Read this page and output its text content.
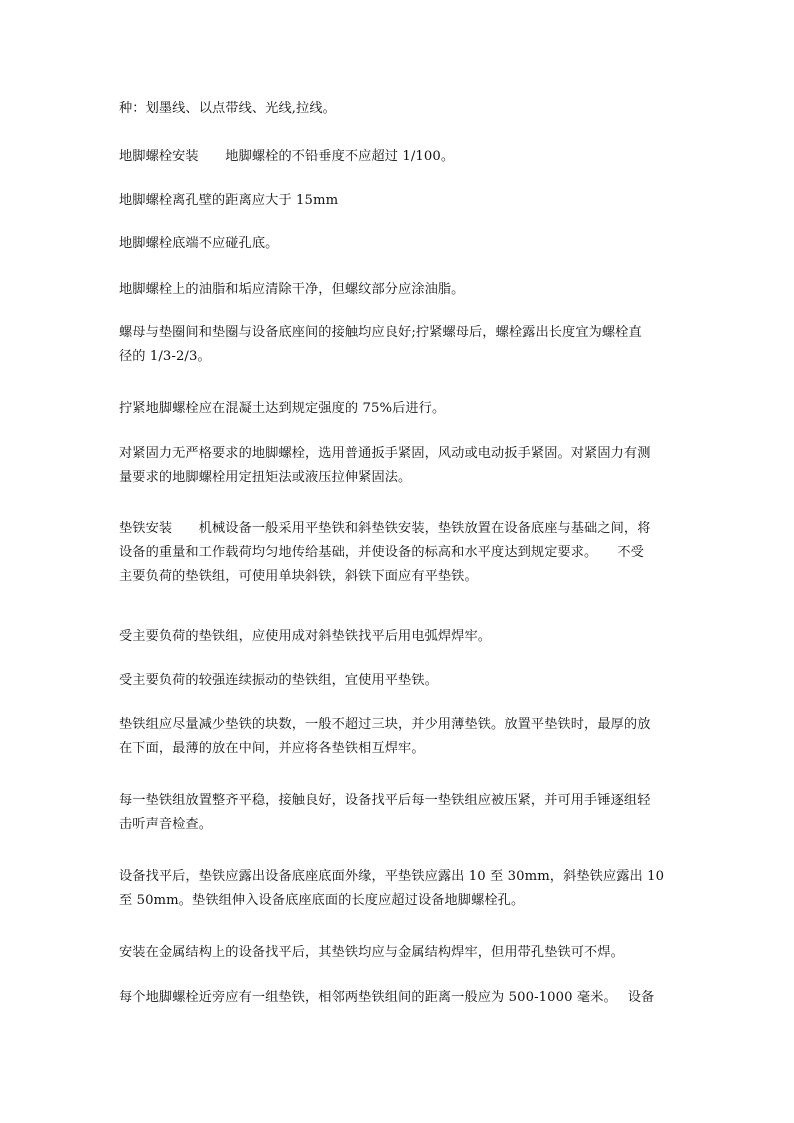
种：划墨线、以点带线、光线,拉线。

地脚螺栓安装　　地脚螺栓的不铅垂度不应超过 1/100。

地脚螺栓离孔壁的距离应大于 15mm

地脚螺栓底端不应碰孔底。

地脚螺栓上的油脂和垢应清除干净，但螺纹部分应涂油脂。

螺母与垫圈间和垫圈与设备底座间的接触均应良好;拧紧螺母后，螺栓露出长度宜为螺栓直
径的 1/3-2/3。

拧紧地脚螺栓应在混凝土达到规定强度的 75%后进行。

对紧固力无严格要求的地脚螺栓，选用普通扳手紧固，风动或电动扳手紧固。对紧固力有测
量要求的地脚螺栓用定扭矩法或液压拉伸紧固法。

垫铁安装　　机械设备一般采用平垫铁和斜垫铁安装，垫铁放置在设备底座与基础之间，将
设备的重量和工作载荷均匀地传给基础，并使设备的标高和水平度达到规定要求。　　不受
主要负荷的垫铁组，可使用单块斜铁，斜铁下面应有平垫铁。

受主要负荷的垫铁组，应使用成对斜垫铁找平后用电弧焊焊牢。

受主要负荷的较强连续振动的垫铁组，宜使用平垫铁。

垫铁组应尽量减少垫铁的块数，一般不超过三块，并少用薄垫铁。放置平垫铁时，最厚的放
在下面，最薄的放在中间，并应将各垫铁相互焊牢。

每一垫铁组放置整齐平稳，接触良好，设备找平后每一垫铁组应被压紧，并可用手锤逐组轻
击听声音检查。

设备找平后，垫铁应露出设备底座底面外缘，平垫铁应露出 10 至 30mm，斜垫铁应露出 10
至 50mm。垫铁组伸入设备底座底面的长度应超过设备地脚螺栓孔。

安装在金属结构上的设备找平后，其垫铁均应与金属结构焊牢，但用带孔垫铁可不焊。

每个地脚螺栓近旁应有一组垫铁，相邻两垫铁组间的距离一般应为 500-1000 毫米。　 设备
